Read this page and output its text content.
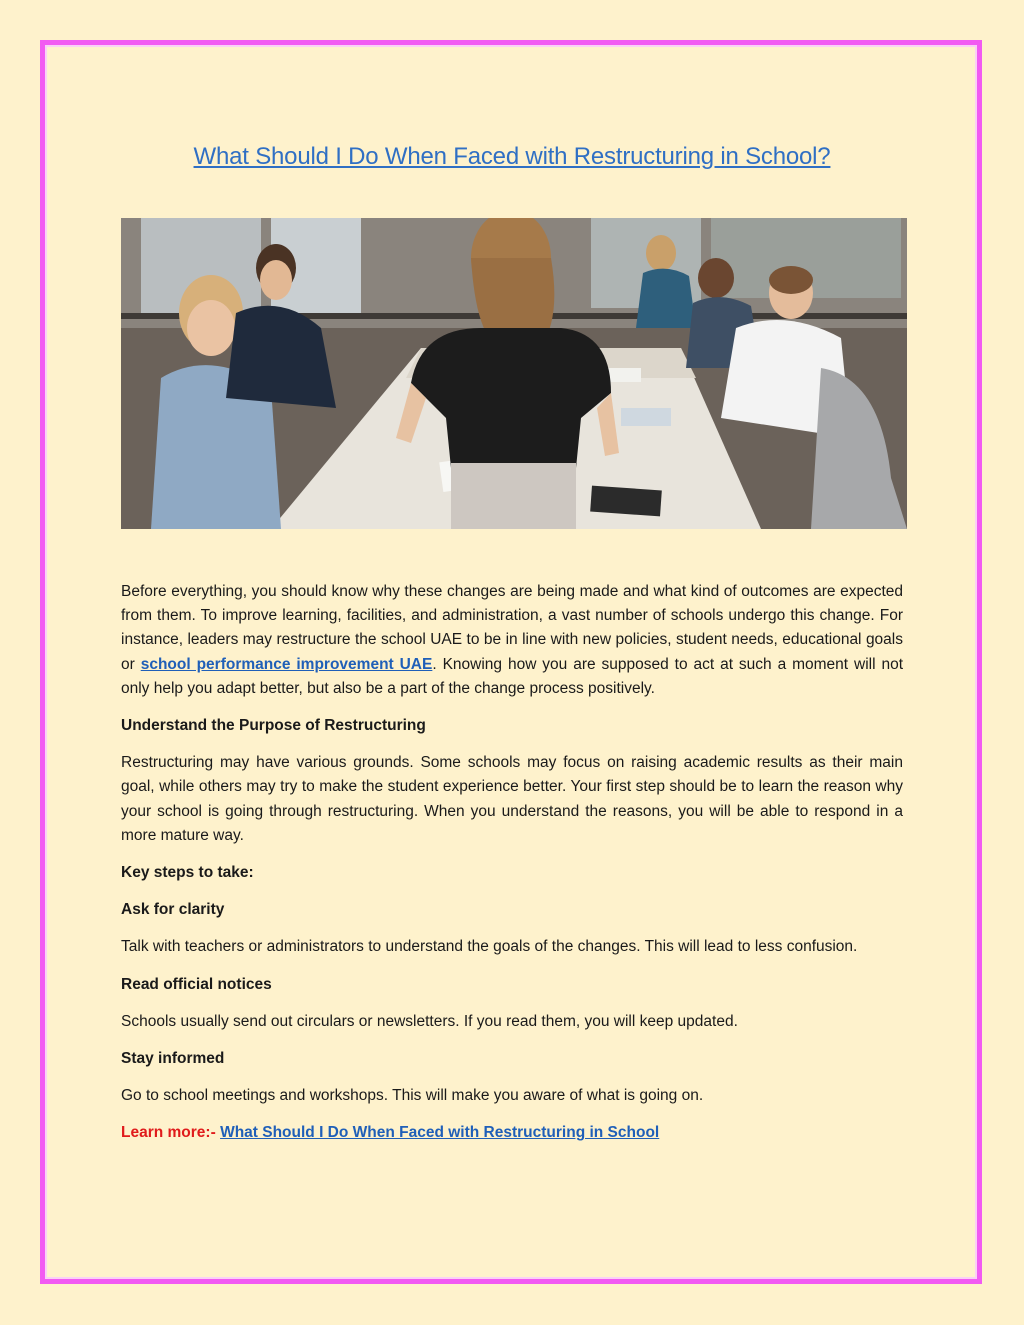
What Should I Do When Faced with Restructuring in School?

Before everything, you should know why these changes are being made and what kind of outcomes are expected from them. To improve learning, facilities, and administration, a vast number of schools undergo this change. For instance, leaders may restructure the school UAE to be in line with new policies, student needs, educational goals or school performance improvement UAE. Knowing how you are supposed to act at such a moment will not only help you adapt better, but also be a part of the change process positively.

Understand the Purpose of Restructuring

Restructuring may have various grounds. Some schools may focus on raising academic results as their main goal, while others may try to make the student experience better. Your first step should be to learn the reason why your school is going through restructuring. When you understand the reasons, you will be able to respond in a more mature way.

Key steps to take:

Ask for clarity

Talk with teachers or administrators to understand the goals of the changes. This will lead to less confusion.

Read official notices

Schools usually send out circulars or newsletters. If you read them, you will keep updated.

Stay informed

Go to school meetings and workshops. This will make you aware of what is going on.

Learn more:- What Should I Do When Faced with Restructuring in School
